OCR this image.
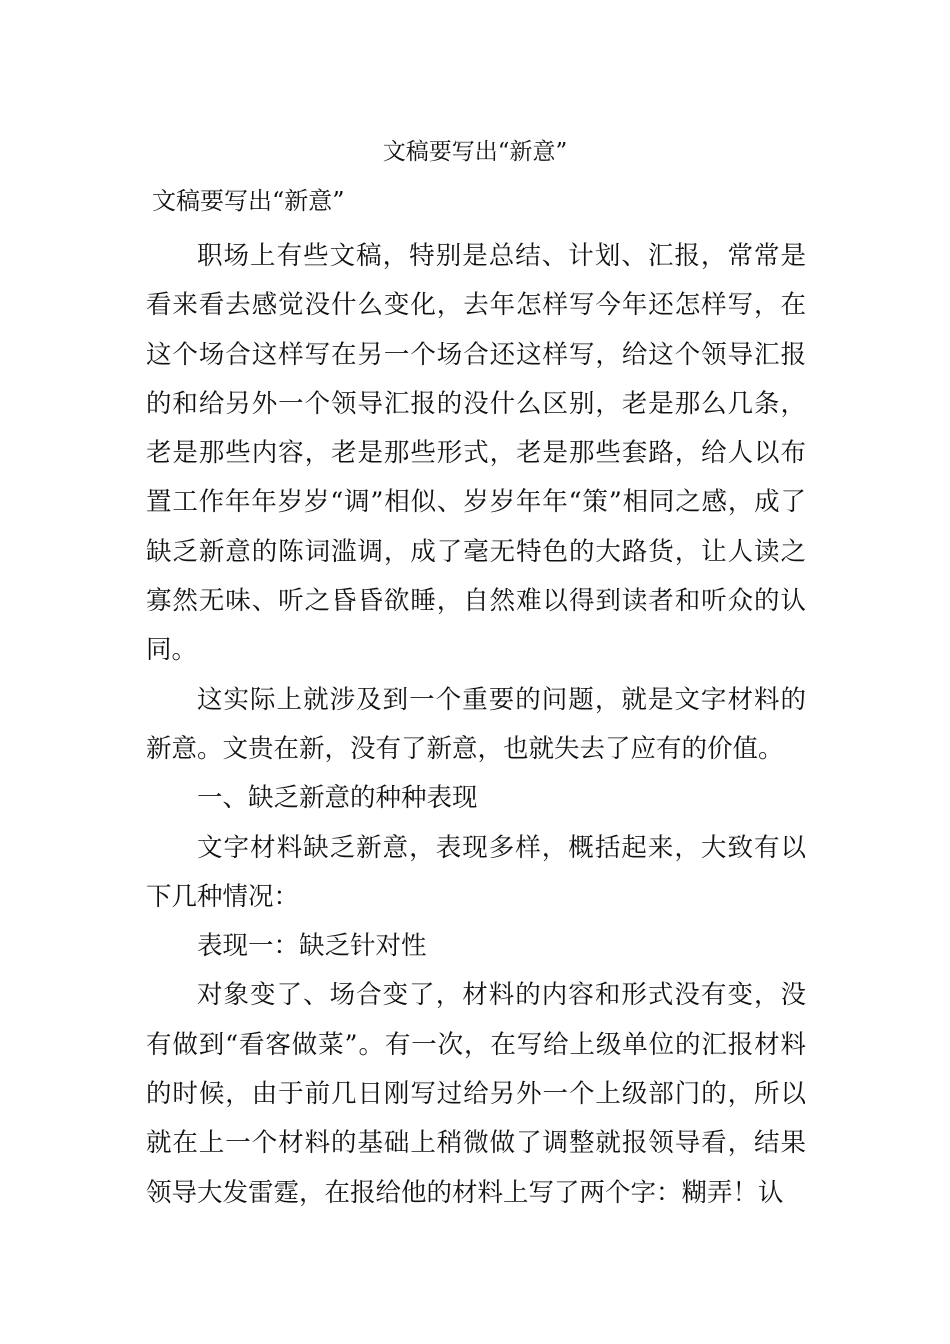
文稿要写出“新意”
文稿要写出“新意”

职场上有些文稿，特别是总结、计划、汇报，常常是看来看去感觉没什么变化，去年怎样写今年还怎样写，在这个场合这样写在另一个场合还这样写，给这个领导汇报的和给另外一个领导汇报的没什么区别，老是那么几条，老是那些内容，老是那些形式，老是那些套路，给人以布置工作年年岁岁“调”相似、岁岁年年“策”相同之感，成了缺乏新意的陈词滥调，成了毫无特色的大路货，让人读之寡然无味、听之昏昏欲睡，自然难以得到读者和听众的认同。

这实际上就涉及到一个重要的问题，就是文字材料的新意。文贵在新，没有了新意，也就失去了应有的价值。

一、缺乏新意的种种表现

文字材料缺乏新意，表现多样，概括起来，大致有以下几种情况：

表现一：缺乏针对性

对象变了、场合变了，材料的内容和形式没有变，没有做到“看客做菜”。有一次，在写给上级单位的汇报材料的时候，由于前几日刚写过给另外一个上级部门的，所以就在上一个材料的基础上稍微做了调整就报领导看，结果领导大发雷霆，在报给他的材料上写了两个字：糊弄！认
